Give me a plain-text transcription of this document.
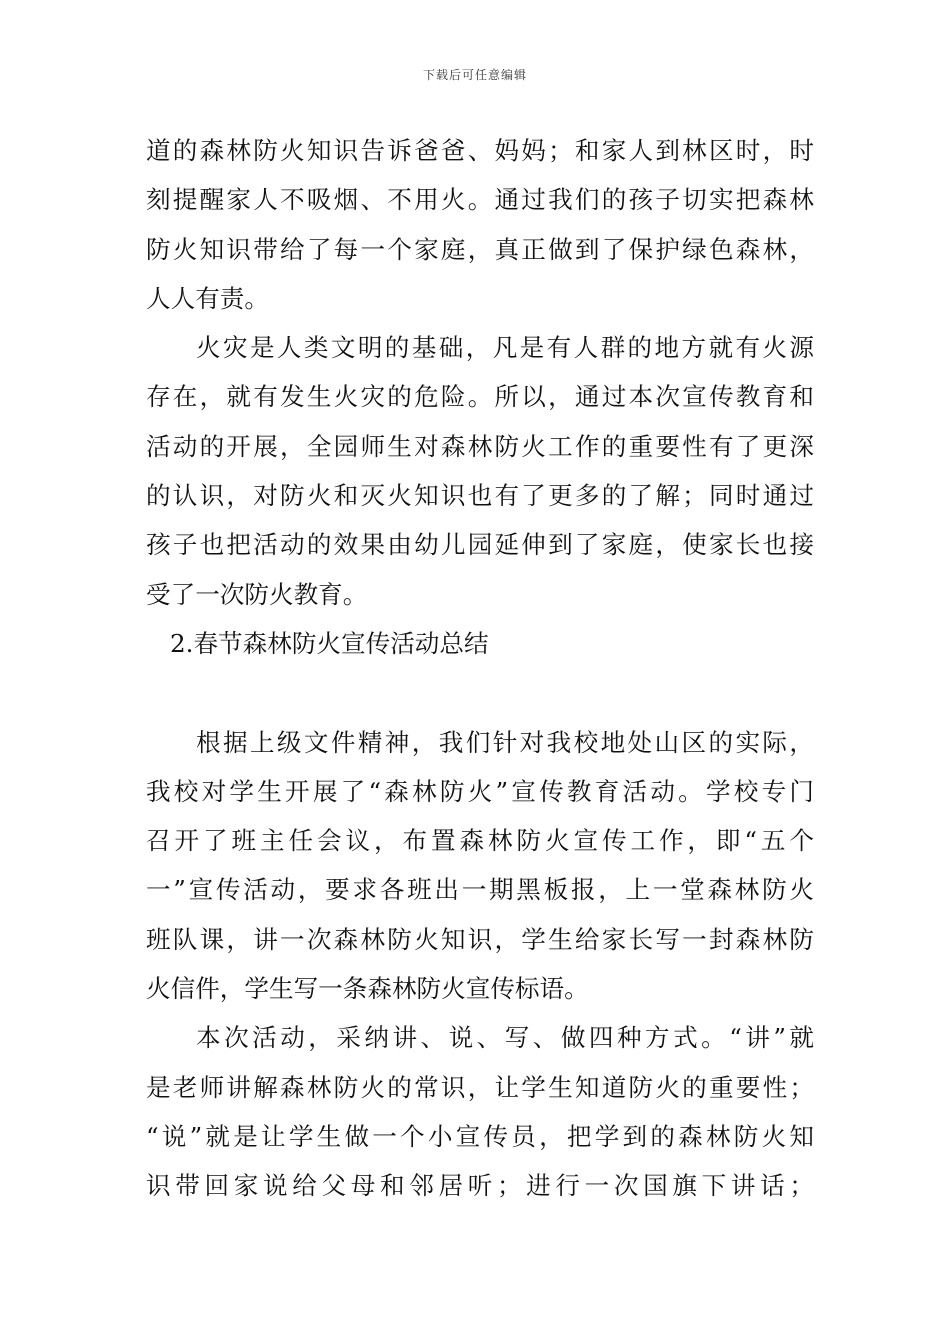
下载后可任意编辑
道的森林防火知识告诉爸爸、妈妈；和家人到林区时，时
刻提醒家人不吸烟、不用火。通过我们的孩子切实把森林
防火知识带给了每一个家庭，真正做到了保护绿色森林，
人人有责。
火灾是人类文明的基础，凡是有人群的地方就有火源
存在，就有发生火灾的危险。所以，通过本次宣传教育和
活动的开展，全园师生对森林防火工作的重要性有了更深
的认识，对防火和灭火知识也有了更多的了解；同时通过
孩子也把活动的效果由幼儿园延伸到了家庭，使家长也接
受了一次防火教育。
2.春节森林防火宣传活动总结
根据上级文件精神，我们针对我校地处山区的实际，
我校对学生开展了“森林防火”宣传教育活动。学校专门
召开了班主任会议，布置森林防火宣传工作，即“五个
一”宣传活动，要求各班出一期黑板报，上一堂森林防火
班队课，讲一次森林防火知识，学生给家长写一封森林防
火信件，学生写一条森林防火宣传标语。
本次活动，采纳讲、说、写、做四种方式。“讲”就
是老师讲解森林防火的常识，让学生知道防火的重要性；
“说”就是让学生做一个小宣传员，把学到的森林防火知
识带回家说给父母和邻居听；进行一次国旗下讲话；
